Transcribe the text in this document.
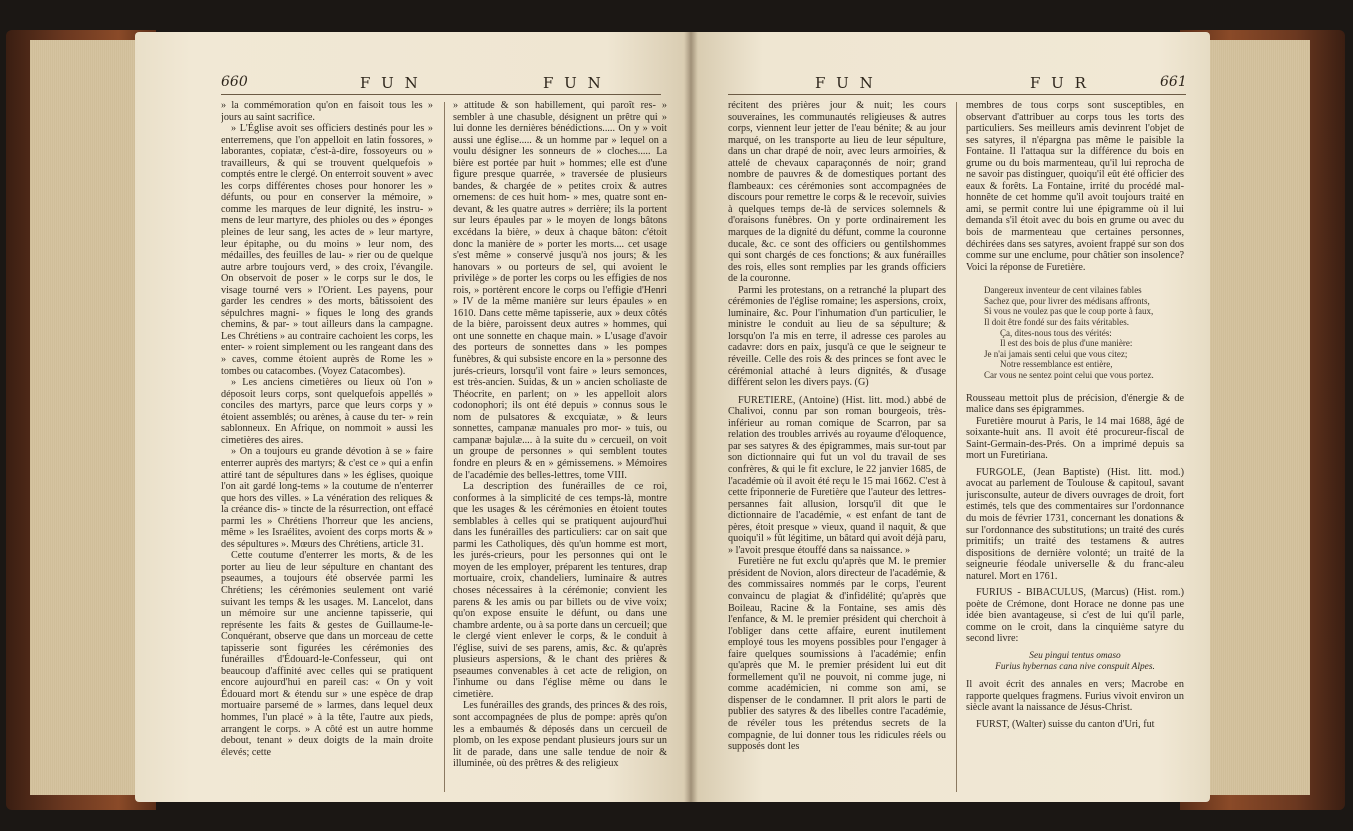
660	F U N	F U N

» la commémoration qu'on en faisoit tous les » jours au saint sacrifice.

» L'Église avoit ses officiers destinés pour les » enterremens, que l'on appelloit en latin fossores, » laborantes, copiatæ, c'est-à-dire, fossoyeurs ou » travailleurs, & qui se trouvent quelquefois » comptés entre le clergé. On enterroit souvent » avec les corps différentes choses pour honorer les » défunts, ou pour en conserver la mémoire, » comme les marques de leur dignité, les instru- » mens de leur martyre, des phioles ou des » éponges pleines de leur sang, les actes de » leur martyre, leur épitaphe, ou du moins » leur nom, des médailles, des feuilles de lau- » rier ou de quelque autre arbre toujours verd, » des croix, l'évangile. On observoit de poser » le corps sur le dos, le visage tourné vers » l'Orient. Les payens, pour garder les cendres » des morts, bâtissoient des sépulchres magni- » fiques le long des grands chemins, & par- » tout ailleurs dans la campagne. Les Chrétiens » au contraire cachoient les corps, les enter- » roient simplement ou les rangeant dans des » caves, comme étoient auprès de Rome les » tombes ou catacombes. (Voyez Catacombes).

» Les anciens cimetières ou lieux où l'on » déposoit leurs corps, sont quelquefois appellés » conciles des martyrs, parce que leurs corps y » étoient assemblés; ou arènes, à cause du ter- » rein sablonneux. En Afrique, on nommoit » aussi les cimetières des aires.

» On a toujours eu grande dévotion à se » faire enterrer auprès des martyrs; & c'est ce » qui a enfin attiré tant de sépultures dans » les églises, quoique l'on ait gardé long-tems » la coutume de n'enterrer que hors des villes. » La vénération des reliques & la créance dis- » tincte de la résurrection, ont effacé parmi les » Chrétiens l'horreur que les anciens, même » les Israélites, avoient des corps morts & » des sépultures ». Mœurs des Chrétiens, article 31.

Cette coutume d'enterrer les morts, & de les porter au lieu de leur sépulture en chantant des pseaumes, a toujours été observée parmi les Chrétiens; les cérémonies seulement ont varié suivant les temps & les usages. M. Lancelot, dans un mémoire sur une ancienne tapisserie, qui représente les faits & gestes de Guillaume-le-Conquérant, observe que dans un morceau de cette tapisserie sont figurées les cérémonies des funérailles d'Édouard-le-Confesseur, qui ont beaucoup d'affinité avec celles qui se pratiquent encore aujourd'hui en pareil cas: « On y voit Édouard mort & étendu sur » une espèce de drap mortuaire parsemé de » larmes, dans lequel deux hommes, l'un placé » à la tête, l'autre aux pieds, arrangent le corps. » A côté est un autre homme debout, tenant » deux doigts de la main droite élevés; cette

» attitude & son habillement, qui paroît res- » sembler à une chasuble, désignent un prêtre qui » lui donne les dernières bénédictions..... On y » voit aussi une église..... & un homme par » lequel on a voulu désigner les sonneurs de » cloches..... La bière est portée par huit » hommes; elle est d'une figure presque quarrée, » traversée de plusieurs bandes, & chargée de » petites croix & autres ornemens: de ces huit hom- » mes, quatre sont en-devant, & les quatre autres » derrière; ils la portent sur leurs épaules par » le moyen de longs bâtons excédans la bière, » deux à chaque bâton: c'étoit donc la manière de » porter les morts.... cet usage s'est même » conservé jusqu'à nos jours; & les hanovars » ou porteurs de sel, qui avoient le privilège » de porter les corps ou les effigies de nos rois, » portèrent encore le corps ou l'effigie d'Henri » IV de la même manière sur leurs épaules » en 1610. Dans cette même tapisserie, aux » deux côtés de la bière, paroissent deux autres » hommes, qui ont une sonnette en chaque main. » L'usage d'avoir des porteurs de sonnettes dans » les pompes funèbres, & qui subsiste encore en la » personne des jurés-crieurs, lorsqu'il vont faire » leurs semonces, est très-ancien. Suidas, & un » ancien scholiaste de Théocrite, en parlent; on » les appelloit alors codonophori; ils ont été depuis » connus sous le nom de pulsatores & excquiatæ, » & leurs sonnettes, campanæ manuales pro mor- » tuis, ou campanæ bajulæ.... à la suite du » cercueil, on voit un groupe de personnes » qui semblent toutes fondre en pleurs & en » gémissemens. » Mémoires de l'académie des belles-lettres, tome VIII.

La description des funérailles de ce roi, conformes à la simplicité de ces temps-là, montre que les usages & les cérémonies en étoient toutes semblables à celles qui se pratiquent aujourd'hui dans les funérailles des particuliers: car on sait que parmi les Catholiques, dès qu'un homme est mort, les jurés-crieurs, pour les personnes qui ont le moyen de les employer, préparent les tentures, drap mortuaire, croix, chandeliers, luminaire & autres choses nécessaires à la cérémonie; convient les parens & les amis ou par billets ou de vive voix; qu'on expose ensuite le défunt, ou dans une chambre ardente, ou à sa porte dans un cercueil; que le clergé vient enlever le corps, & le conduit à l'église, suivi de ses parens, amis, &c. & qu'après plusieurs aspersions, & le chant des prières & pseaumes convenables à cet acte de religion, on l'inhume ou dans l'église même ou dans le cimetière.

Les funérailles des grands, des princes & des rois, sont accompagnées de plus de pompe: après qu'on les a embaumés & déposés dans un cercueil de plomb, on les expose pendant plusieurs jours sur un lit de parade, dans une salle tendue de noir & illuminée, où des prêtres & des religieux

F U N	F U R	661

récitent des prières jour & nuit; les cours souveraines, les communautés religieuses & autres corps, viennent leur jetter de l'eau bénite; & au jour marqué, on les transporte au lieu de leur sépulture, dans un char drapé de noir, avec leurs armoiries, & attelé de chevaux caparaçonnés de noir; grand nombre de pauvres & de domestiques portant des flambeaux: ces cérémonies sont accompagnées de discours pour remettre le corps & le recevoir, suivies à quelques temps de-là de services solemnels & d'oraisons funèbres. On y porte ordinairement les marques de la dignité du défunt, comme la couronne ducale, &c. ce sont des officiers ou gentilshommes qui sont chargés de ces fonctions; & aux funérailles des rois, elles sont remplies par les grands officiers de la couronne.

Parmi les protestans, on a retranché la plupart des cérémonies de l'église romaine; les aspersions, croix, luminaire, &c. Pour l'inhumation d'un particulier, le ministre le conduit au lieu de sa sépulture; & lorsqu'on l'a mis en terre, il adresse ces paroles au cadavre: dors en paix, jusqu'à ce que le seigneur te réveille. Celle des rois & des princes se font avec le cérémonial attaché à leurs dignités, & d'usage différent selon les divers pays. (G)

FURETIERE, (Antoine) (Hist. litt. mod.) abbé de Chalivoi, connu par son roman bourgeois, très-inférieur au roman comique de Scarron, par sa relation des troubles arrivés au royaume d'éloquence, par ses satyres & des épigrammes, mais sur-tout par son dictionnaire qui fut un vol du travail de ses confrères, & qui le fit exclure, le 22 janvier 1685, de l'académie où il avoit été reçu le 15 mai 1662. C'est à cette friponnerie de Furetière que l'auteur des lettres-persannes fait allusion, lorsqu'il dit que le dictionnaire de l'académie, « est enfant de tant de pères, étoit presque » vieux, quand il naquit, & que quoiqu'il » fût légitime, un bâtard qui avoit déjà paru, » l'avoit presque étouffé dans sa naissance. »

Furetière ne fut exclu qu'après que M. le premier président de Novion, alors directeur de l'académie, & des commissaires nommés par le corps, l'eurent convaincu de plagiat & d'infidélité; qu'après que Boileau, Racine & la Fontaine, ses amis dès l'enfance, & M. le premier président qui cherchoit à l'obliger dans cette affaire, eurent inutilement employé tous les moyens possibles pour l'engager à faire quelques soumissions à l'académie; enfin qu'après que M. le premier président lui eut dit formellement qu'il ne pouvoit, ni comme juge, ni comme académicien, ni comme son ami, se dispenser de le condamner. Il prit alors le parti de publier des satyres & des libelles contre l'académie, de révéler tous les prétendus secrets de la compagnie, de lui donner tous les ridicules réels ou supposés dont les

membres de tous corps sont susceptibles, en observant d'attribuer au corps tous les torts des particuliers. Ses meilleurs amis devinrent l'objet de ses satyres, il n'épargna pas même le paisible la Fontaine. Il l'attaqua sur la différence du bois en grume ou du bois marmenteau, qu'il lui reprocha de ne savoir pas distinguer, quoiqu'il eût été officier des eaux & forêts. La Fontaine, irrité du procédé mal-honnête de cet homme qu'il avoit toujours traité en ami, se permit contre lui une épigramme où il lui demanda s'il étoit avec du bois en grume ou avec du bois de marmenteau que certaines personnes, déchirées dans ses satyres, avoient frappé sur son dos comme sur une enclume, pour châtier son insolence? Voici la réponse de Furetière.

Dangereux inventeur de cent vilaines fables
Sachez que, pour livrer des médisans affronts,
Si vous ne voulez pas que le coup porte à faux,
Il doit être fondé sur des faits véritables.
Ça, dites-nous tous des vérités:
Il est des bois de plus d'une manière:
Je n'ai jamais senti celui que vous citez;
Notre ressemblance est entière,
Car vous ne sentez point celui que vous portez.

Rousseau mettoit plus de précision, d'énergie & de malice dans ses épigrammes.

Furetière mourut à Paris, le 14 mai 1688, âgé de soixante-huit ans. Il avoit été procureur-fiscal de Saint-Germain-des-Prés. On a imprimé depuis sa mort un Furetiriana.

FURGOLE, (Jean Baptiste) (Hist. litt. mod.) avocat au parlement de Toulouse & capitoul, savant jurisconsulte, auteur de divers ouvrages de droit, fort estimés, tels que des commentaires sur l'ordonnance du mois de février 1731, concernant les donations & sur l'ordonnance des substitutions; un traité des curés primitifs; un traité des testamens & autres dispositions de dernière volonté; un traité de la seigneurie féodale universelle & du franc-aleu naturel. Mort en 1761.

FURIUS - BIBACULUS, (Marcus) (Hist. rom.) poète de Crémone, dont Horace ne donne pas une idée bien avantageuse, si c'est de lui qu'il parle, comme on le croit, dans la cinquième satyre du second livre:

Seu pingui tentus omaso
Furius hybernas cana nive conspuit Alpes.

Il avoit écrit des annales en vers; Macrobe en rapporte quelques fragmens. Furius vivoit environ un siècle avant la naissance de Jésus-Christ.

FURST, (Walter) suisse du canton d'Uri, fut
